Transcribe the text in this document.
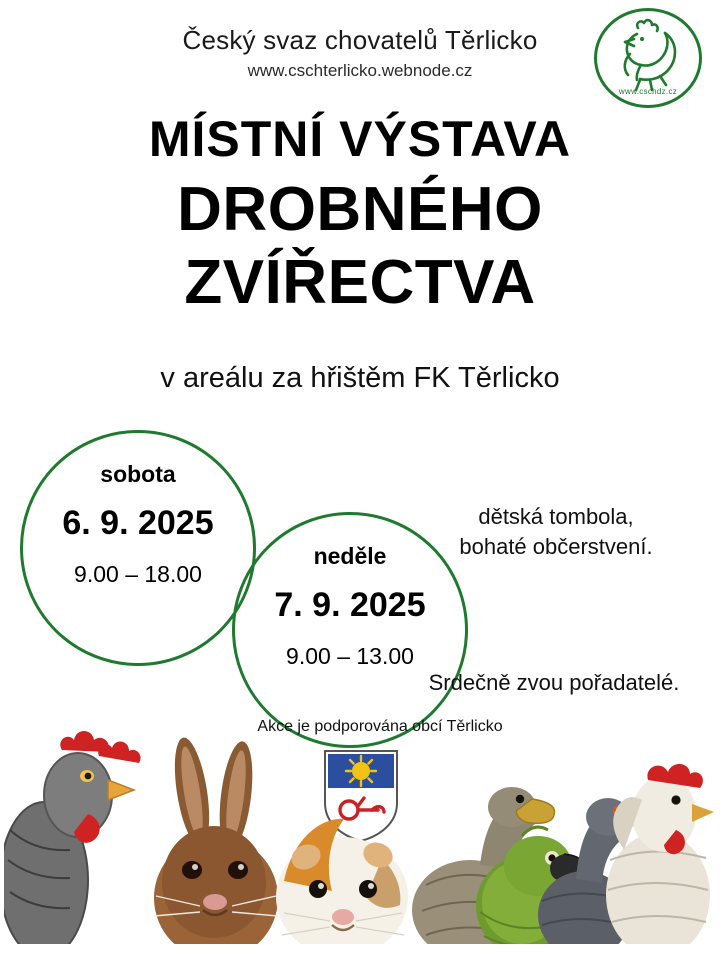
Český svaz chovatelů Těrlicko
www.cschterlicko.webnode.cz
www.cschdz.cz
MÍSTNÍ VÝSTAVA
DROBNÉHO
ZVÍŘECTVA
v areálu za hřištěm FK Těrlicko
sobota
6. 9. 2025
9.00 – 18.00
neděle
7. 9. 2025
9.00 – 13.00
dětská tombola,
bohaté občerstvení.
Srdečně zvou pořadatelé.
Akce je podporována obcí Těrlicko
